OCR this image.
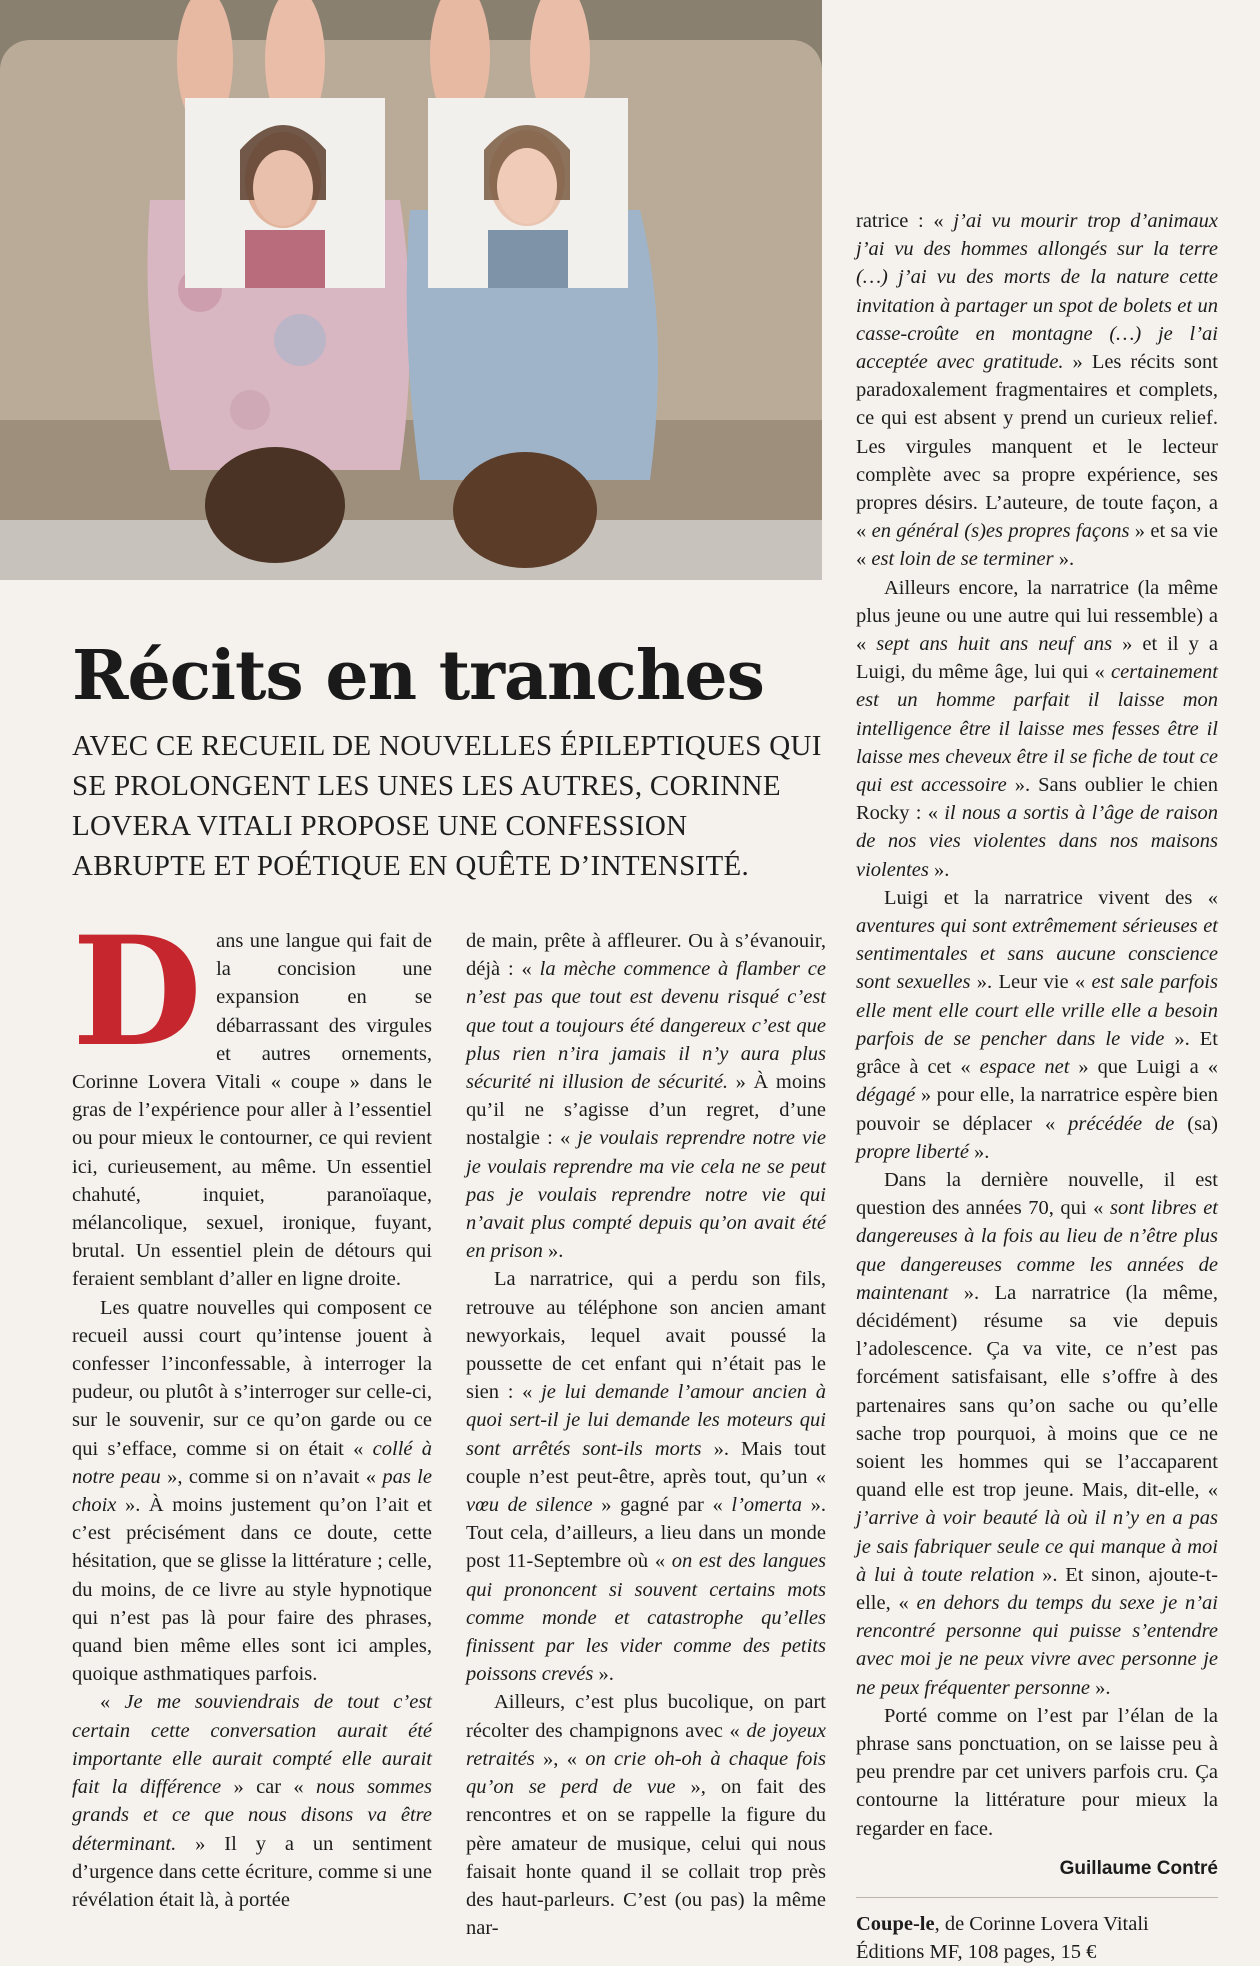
Récits en tranches

AVEC CE RECUEIL DE NOUVELLES ÉPILEPTIQUES QUI SE PROLONGENT LES UNES LES AUTRES, CORINNE LOVERA VITALI PROPOSE UNE CONFESSION ABRUPTE ET POÉTIQUE EN QUÊTE D’INTENSITÉ.

Dans une langue qui fait de la concision une expansion en se débarrassant des virgules et autres ornements, Corinne Lovera Vitali « coupe » dans le gras de l’expérience pour aller à l’essentiel ou pour mieux le contourner, ce qui revient ici, curieusement, au même. Un essentiel chahuté, inquiet, paranoïaque, mélancolique, sexuel, ironique, fuyant, brutal. Un essentiel plein de détours qui feraient semblant d’aller en ligne droite.

Les quatre nouvelles qui composent ce recueil aussi court qu’intense jouent à confesser l’inconfessable, à interroger la pudeur, ou plutôt à s’interroger sur celle-ci, sur le souvenir, sur ce qu’on garde ou ce qui s’efface, comme si on était « collé à notre peau », comme si on n’avait « pas le choix ». À moins justement qu’on l’ait et c’est précisément dans ce doute, cette hésitation, que se glisse la littérature ; celle, du moins, de ce livre au style hypnotique qui n’est pas là pour faire des phrases, quand bien même elles sont ici amples, quoique asthmatiques parfois.

« Je me souviendrais de tout c’est certain cette conversation aurait été importante elle aurait compté elle aurait fait la différence » car « nous sommes grands et ce que nous disons va être déterminant. » Il y a un sentiment d’urgence dans cette écriture, comme si une révélation était là, à portée

de main, prête à affleurer. Ou à s’évanouir, déjà : « la mèche commence à flamber ce n’est pas que tout est devenu risqué c’est que tout a toujours été dangereux c’est que plus rien n’ira jamais il n’y aura plus sécurité ni illusion de sécurité. » À moins qu’il ne s’agisse d’un regret, d’une nostalgie : « je voulais reprendre notre vie je voulais reprendre ma vie cela ne se peut pas je voulais reprendre notre vie qui n’avait plus compté depuis qu’on avait été en prison ».

La narratrice, qui a perdu son fils, retrouve au téléphone son ancien amant newyorkais, lequel avait poussé la poussette de cet enfant qui n’était pas le sien : « je lui demande l’amour ancien à quoi sert-il je lui demande les moteurs qui sont arrêtés sont-ils morts ». Mais tout couple n’est peut-être, après tout, qu’un « vœu de silence » gagné par « l’omerta ». Tout cela, d’ailleurs, a lieu dans un monde post 11-Septembre où « on est des langues qui prononcent si souvent certains mots comme monde et catastrophe qu’elles finissent par les vider comme des petits poissons crevés ».

Ailleurs, c’est plus bucolique, on part récolter des champignons avec « de joyeux retraités », « on crie oh-oh à chaque fois qu’on se perd de vue », on fait des rencontres et on se rappelle la figure du père amateur de musique, celui qui nous faisait honte quand il se collait trop près des haut-parleurs. C’est (ou pas) la même nar-

ratrice : « j’ai vu mourir trop d’animaux j’ai vu des hommes allongés sur la terre (…) j’ai vu des morts de la nature cette invitation à partager un spot de bolets et un casse-croûte en montagne (…) je l’ai acceptée avec gratitude. » Les récits sont paradoxalement fragmentaires et complets, ce qui est absent y prend un curieux relief. Les virgules manquent et le lecteur complète avec sa propre expérience, ses propres désirs. L’auteure, de toute façon, a « en général (s)es propres façons » et sa vie « est loin de se terminer ».

Ailleurs encore, la narratrice (la même plus jeune ou une autre qui lui ressemble) a « sept ans huit ans neuf ans » et il y a Luigi, du même âge, lui qui « certainement est un homme parfait il laisse mon intelligence être il laisse mes fesses être il laisse mes cheveux être il se fiche de tout ce qui est accessoire ». Sans oublier le chien Rocky : « il nous a sortis à l’âge de raison de nos vies violentes dans nos maisons violentes ».

Luigi et la narratrice vivent des « aventures qui sont extrêmement sérieuses et sentimentales et sans aucune conscience sont sexuelles ». Leur vie « est sale parfois elle ment elle court elle vrille elle a besoin parfois de se pencher dans le vide ». Et grâce à cet « espace net » que Luigi a « dégagé » pour elle, la narratrice espère bien pouvoir se déplacer « précédée de (sa) propre liberté ».

Dans la dernière nouvelle, il est question des années 70, qui « sont libres et dangereuses à la fois au lieu de n’être plus que dangereuses comme les années de maintenant ». La narratrice (la même, décidément) résume sa vie depuis l’adolescence. Ça va vite, ce n’est pas forcément satisfaisant, elle s’offre à des partenaires sans qu’on sache ou qu’elle sache trop pourquoi, à moins que ce ne soient les hommes qui se l’accaparent quand elle est trop jeune. Mais, dit-elle, « j’arrive à voir beauté là où il n’y en a pas je sais fabriquer seule ce qui manque à moi à lui à toute relation ». Et sinon, ajoute-t-elle, « en dehors du temps du sexe je n’ai rencontré personne qui puisse s’entendre avec moi je ne peux vivre avec personne je ne peux fréquenter personne ».

Porté comme on l’est par l’élan de la phrase sans ponctuation, on se laisse peu à peu prendre par cet univers parfois cru. Ça contourne la littérature pour mieux la regarder en face.

Guillaume Contré

Coupe-le, de Corinne Lovera Vitali

Éditions MF, 108 pages, 15 €
